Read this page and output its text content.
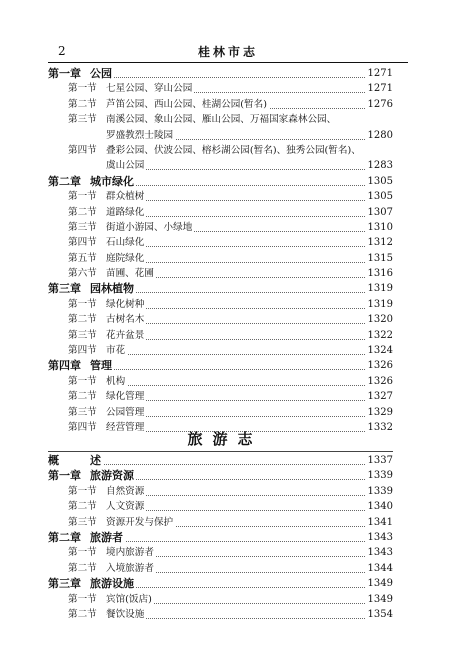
2	桂林市志
第一章 公园	1271
第一节 七星公园、穿山公园	1271
第二节 芦笛公园、西山公园、桂湖公园(暂名)	1276
第三节 南溪公园、象山公园、雁山公园、万福国家森林公园、
罗盛教烈士陵园	1280
第四节 叠彩公园、伏波公园、榕杉湖公园(暂名)、独秀公园(暂名)、
虞山公园	1283
第二章 城市绿化	1305
第一节 群众植树	1305
第二节 道路绿化	1307
第三节 街道小游园、小绿地	1310
第四节 石山绿化	1312
第五节 庭院绿化	1315
第六节 苗圃、花圃	1316
第三章 园林植物	1319
第一节 绿化树种	1319
第二节 古树名木	1320
第三节 花卉盆景	1322
第四节 市花	1324
第四章 管理	1326
第一节 机构	1326
第二节 绿化管理	1327
第三节 公园管理	1329
第四节 经营管理	1332
旅游志
概	述	1337
第一章 旅游资源	1339
第一节 自然资源	1339
第二节 人文资源	1340
第三节 资源开发与保护	1341
第二章 旅游者	1343
第一节 境内旅游者	1343
第二节 入境旅游者	1344
第三章 旅游设施	1349
第一节 宾馆(饭店)	1349
第二节 餐饮设施	1354
